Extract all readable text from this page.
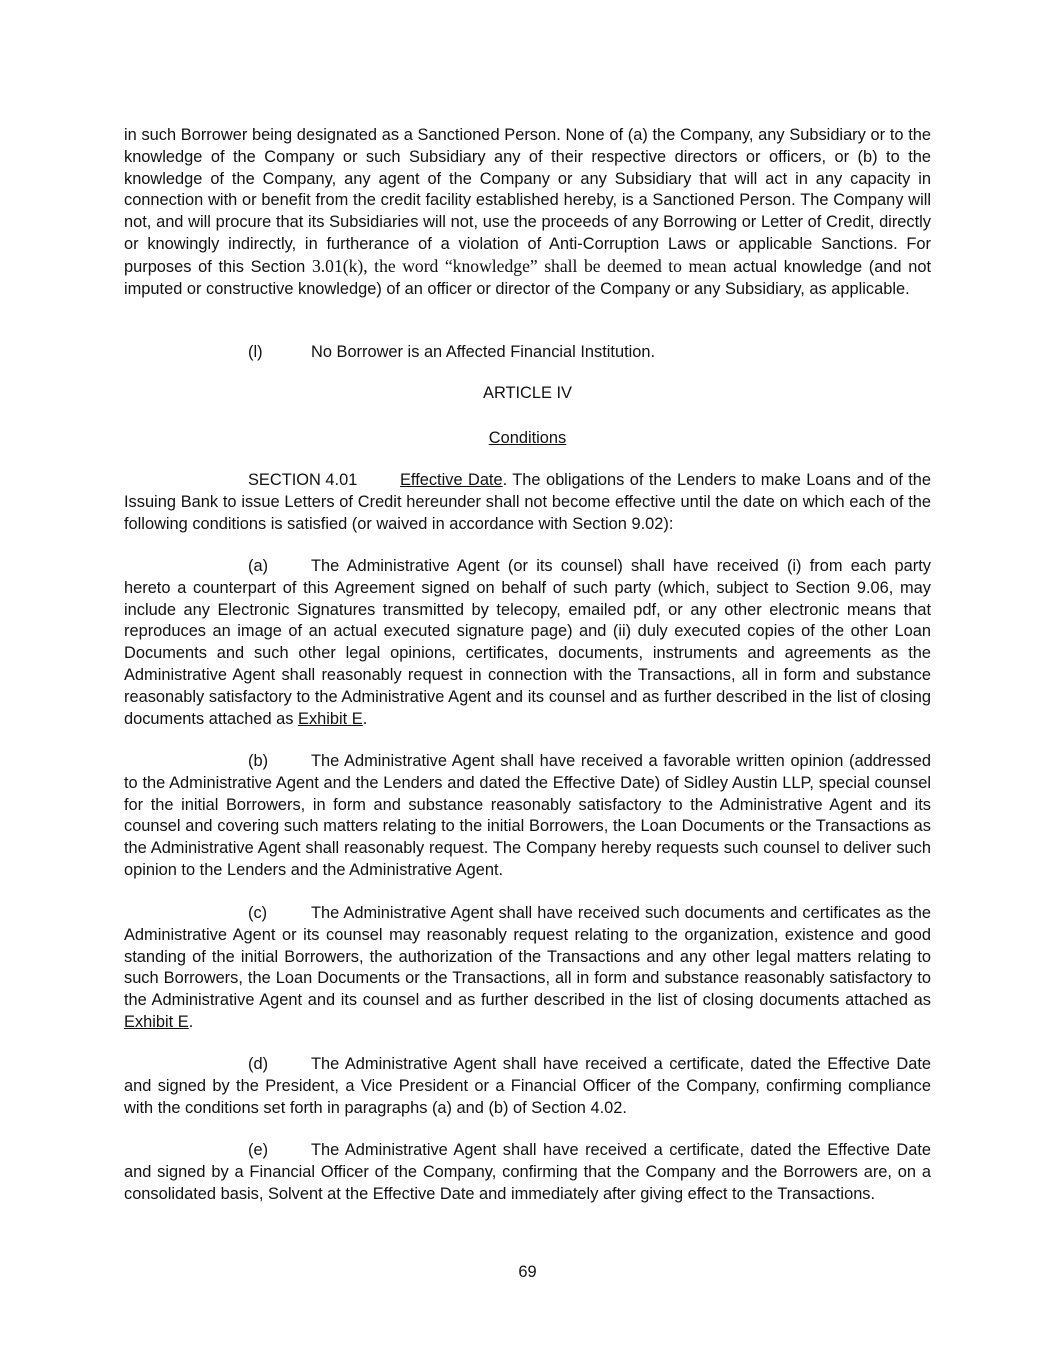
in such Borrower being designated as a Sanctioned Person. None of (a) the Company, any Subsidiary or to the knowledge of the Company or such Subsidiary any of their respective directors or officers, or (b) to the knowledge of the Company, any agent of the Company or any Subsidiary that will act in any capacity in connection with or benefit from the credit facility established hereby, is a Sanctioned Person. The Company will not, and will procure that its Subsidiaries will not, use the proceeds of any Borrowing or Letter of Credit, directly or knowingly indirectly, in furtherance of a violation of Anti-Corruption Laws or applicable Sanctions. For purposes of this Section 3.01(k), the word “knowledge” shall be deemed to mean actual knowledge (and not imputed or constructive knowledge) of an officer or director of the Company or any Subsidiary, as applicable.

(l)	No Borrower is an Affected Financial Institution.

ARTICLE IV

Conditions

SECTION 4.01	Effective Date. The obligations of the Lenders to make Loans and of the Issuing Bank to issue Letters of Credit hereunder shall not become effective until the date on which each of the following conditions is satisfied (or waived in accordance with Section 9.02):

(a)	The Administrative Agent (or its counsel) shall have received (i) from each party hereto a counterpart of this Agreement signed on behalf of such party (which, subject to Section 9.06, may include any Electronic Signatures transmitted by telecopy, emailed pdf, or any other electronic means that reproduces an image of an actual executed signature page) and (ii) duly executed copies of the other Loan Documents and such other legal opinions, certificates, documents, instruments and agreements as the Administrative Agent shall reasonably request in connection with the Transactions, all in form and substance reasonably satisfactory to the Administrative Agent and its counsel and as further described in the list of closing documents attached as Exhibit E.

(b)	The Administrative Agent shall have received a favorable written opinion (addressed to the Administrative Agent and the Lenders and dated the Effective Date) of Sidley Austin LLP, special counsel for the initial Borrowers, in form and substance reasonably satisfactory to the Administrative Agent and its counsel and covering such matters relating to the initial Borrowers, the Loan Documents or the Transactions as the Administrative Agent shall reasonably request. The Company hereby requests such counsel to deliver such opinion to the Lenders and the Administrative Agent.

(c)	The Administrative Agent shall have received such documents and certificates as the Administrative Agent or its counsel may reasonably request relating to the organization, existence and good standing of the initial Borrowers, the authorization of the Transactions and any other legal matters relating to such Borrowers, the Loan Documents or the Transactions, all in form and substance reasonably satisfactory to the Administrative Agent and its counsel and as further described in the list of closing documents attached as Exhibit E.

(d)	The Administrative Agent shall have received a certificate, dated the Effective Date and signed by the President, a Vice President or a Financial Officer of the Company, confirming compliance with the conditions set forth in paragraphs (a) and (b) of Section 4.02.

(e)	The Administrative Agent shall have received a certificate, dated the Effective Date and signed by a Financial Officer of the Company, confirming that the Company and the Borrowers are, on a consolidated basis, Solvent at the Effective Date and immediately after giving effect to the Transactions.

69
